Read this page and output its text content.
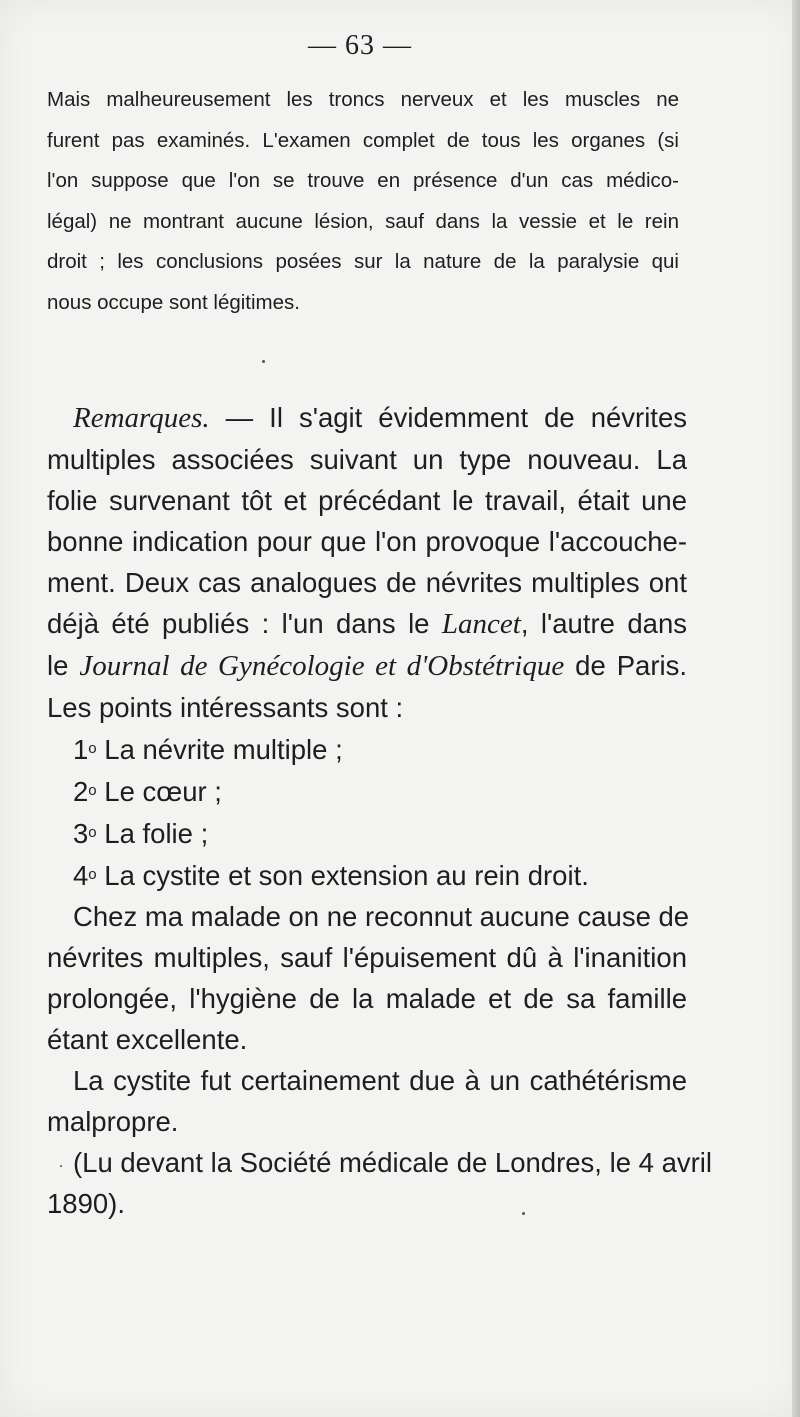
— 63 —
Mais malheureusement les troncs nerveux et les muscles ne
furent pas examinés. L'examen complet de tous les organes (si
l'on suppose que l'on se trouve en présence d'un cas médico-
légal) ne montrant aucune lésion, sauf dans la vessie et le rein
droit ; les conclusions posées sur la nature de la paralysie qui
nous occupe sont légitimes.
Remarques. — Il s'agit évidemment de névrites
multiples associées suivant un type nouveau. La
folie survenant tôt et précédant le travail, était une
bonne indication pour que l'on provoque l'accouche-
ment. Deux cas analogues de névrites multiples ont
déjà été publiés : l'un dans le Lancet, l'autre dans
le Journal de Gynécologie et d'Obstétrique de Paris.
Les points intéressants sont :
1$^o$ La névrite multiple ;
2$^o$ Le cœur ;
3$^o$ La folie ;
4$^o$ La cystite et son extension au rein droit.
Chez ma malade on ne reconnut aucune cause de
névrites multiples, sauf l'épuisement dû à l'inanition
prolongée, l'hygiène de la malade et de sa famille
étant excellente.
La cystite fut certainement due à un cathétérisme
malpropre.
(Lu devant la Société médicale de Londres, le 4 avril
1890).
